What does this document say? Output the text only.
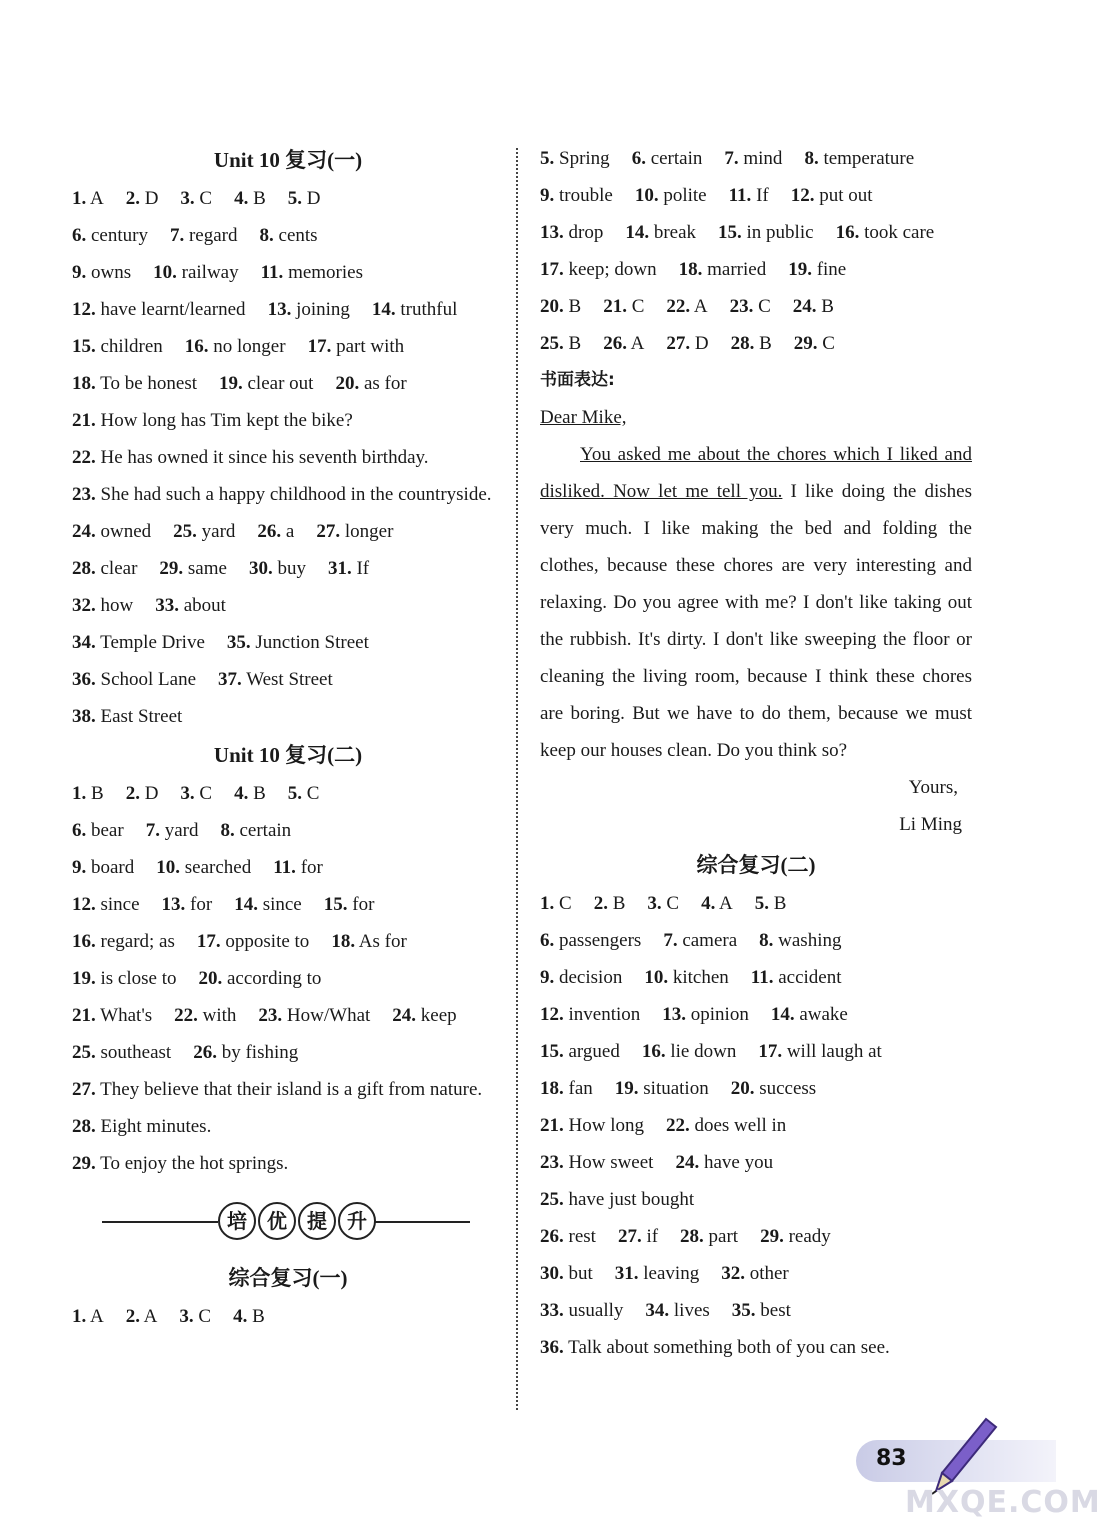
Unit 10 复习(一)
1. A 2. D 3. C 4. B 5. D
6. century 7. regard 8. cents
9. owns 10. railway 11. memories
12. have learnt/learned 13. joining 14. truthful
15. children 16. no longer 17. part with
18. To be honest 19. clear out 20. as for
21. How long has Tim kept the bike?
22. He has owned it since his seventh birthday.
23. She had such a happy childhood in the countryside.
24. owned 25. yard 26. a 27. longer
28. clear 29. same 30. buy 31. If
32. how 33. about
34. Temple Drive 35. Junction Street
36. School Lane 37. West Street
38. East Street
Unit 10 复习(二)
1. B 2. D 3. C 4. B 5. C
6. bear 7. yard 8. certain
9. board 10. searched 11. for
12. since 13. for 14. since 15. for
16. regard; as 17. opposite to 18. As for
19. is close to 20. according to
21. What's 22. with 23. How/What 24. keep
25. southeast 26. by fishing
27. They believe that their island is a gift from nature.
28. Eight minutes.
29. To enjoy the hot springs.
培	优	提	升
综合复习(一)
1. A 2. A 3. C 4. B
5. Spring 6. certain 7. mind 8. temperature
9. trouble 10. polite 11. If 12. put out
13. drop 14. break 15. in public 16. took care
17. keep; down 18. married 19. fine
20. B 21. C 22. A 23. C 24. B
25. B 26. A 27. D 28. B 29. C
书面表达:

Dear Mike,

You asked me about the chores which I liked and disliked. Now let me tell you. I like doing the dishes very much. I like making the bed and folding the clothes, because these chores are very interesting and relaxing. Do you agree with me? I don't like taking out the rubbish. It's dirty. I don't like sweeping the floor or cleaning the living room, because I think these chores are boring. But we have to do them, because we must keep our houses clean. Do you think so?

Yours,
Li Ming
综合复习(二)
1. C 2. B 3. C 4. A 5. B
6. passengers 7. camera 8. washing
9. decision 10. kitchen 11. accident
12. invention 13. opinion 14. awake
15. argued 16. lie down 17. will laugh at
18. fan 19. situation 20. success
21. How long 22. does well in
23. How sweet 24. have you
25. have just bought
26. rest 27. if 28. part 29. ready
30. but 31. leaving 32. other
33. usually 34. lives 35. best
36. Talk about something both of you can see.
83
MXQE.COM
